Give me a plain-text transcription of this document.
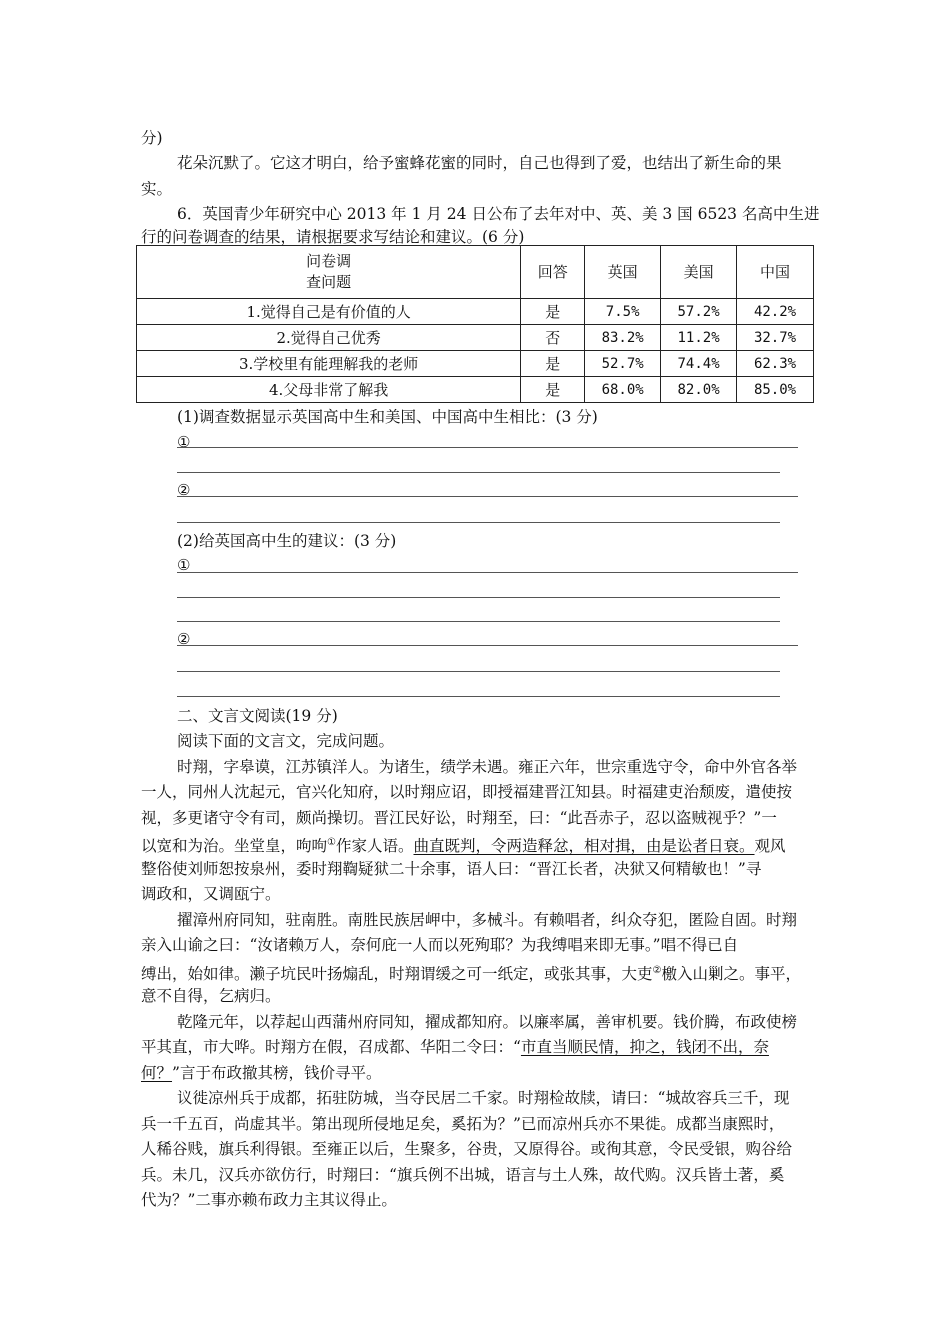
分)
花朵沉默了。它这才明白，给予蜜蜂花蜜的同时，自己也得到了爱，也结出了新生命的果
实。
6．英国青少年研究中心 2013 年 1 月 24 日公布了去年对中、英、美 3 国 6523 名高中生进
行的问卷调查的结果，请根据要求写结论和建议。(6 分)
问卷调
查问题	回答	英国	美国	中国
1.觉得自己是有价值的人	是	7.5%	57.2%	42.2%
2.觉得自己优秀	否	83.2%	11.2%	32.7%
3.学校里有能理解我的老师	是	52.7%	74.4%	62.3%
4.父母非常了解我	是	68.0%	82.0%	85.0%
(1)调查数据显示英国高中生和美国、中国高中生相比：(3 分)
①
②
(2)给英国高中生的建议：(3 分)
①
②
二、文言文阅读(19 分)
阅读下面的文言文，完成问题。
时翔，字皋谟，江苏镇洋人。为诸生，绩学未遇。雍正六年，世宗重选守令，命中外官各举
一人，同州人沈起元，官兴化知府，以时翔应诏，即授福建晋江知县。时福建吏治颓废，遣使按
视，多更诸守令有司，颇尚操切。晋江民好讼，时翔至，曰：“此吾赤子，忍以盗贼视乎？”一
以宽和为治。坐堂皇，呴呴①作家人语。曲直既判，令两造释忿，相对揖，由是讼者日衰。观风
整俗使刘师恕按泉州，委时翔鞫疑狱二十余事，语人曰：“晋江长者，决狱又何精敏也！”寻
调政和，又调瓯宁。
擢漳州府同知，驻南胜。南胜民族居岬中，多械斗。有赖唱者，纠众夺犯，匿险自固。时翔
亲入山谕之曰：“汝诸赖万人，奈何庇一人而以死殉耶？为我缚唱来即无事。”唱不得已自
缚出，始如律。濑子坑民叶扬煽乱，时翔谓缓之可一纸定，或张其事，大吏②檄入山剿之。事平，
意不自得，乞病归。
乾隆元年，以荐起山西蒲州府同知，擢成都知府。以廉率属，善审机要。钱价腾，布政使榜
平其直，市大哗。时翔方在假，召成都、华阳二令曰：“市直当顺民情，抑之，钱闭不出，奈
何？”言于布政撤其榜，钱价寻平。
议徙凉州兵于成都，拓驻防城，当夺民居二千家。时翔检故牍，请曰：“城故容兵三千，现
兵一千五百，尚虚其半。第出现所侵地足矣，奚拓为？”已而凉州兵亦不果徙。成都当康熙时，
人稀谷贱，旗兵利得银。至雍正以后，生聚多，谷贵，又原得谷。或徇其意，令民受银，购谷给
兵。未几，汉兵亦欲仿行，时翔曰：“旗兵例不出城，语言与土人殊，故代购。汉兵皆土著，奚
代为？”二事亦赖布政力主其议得止。
